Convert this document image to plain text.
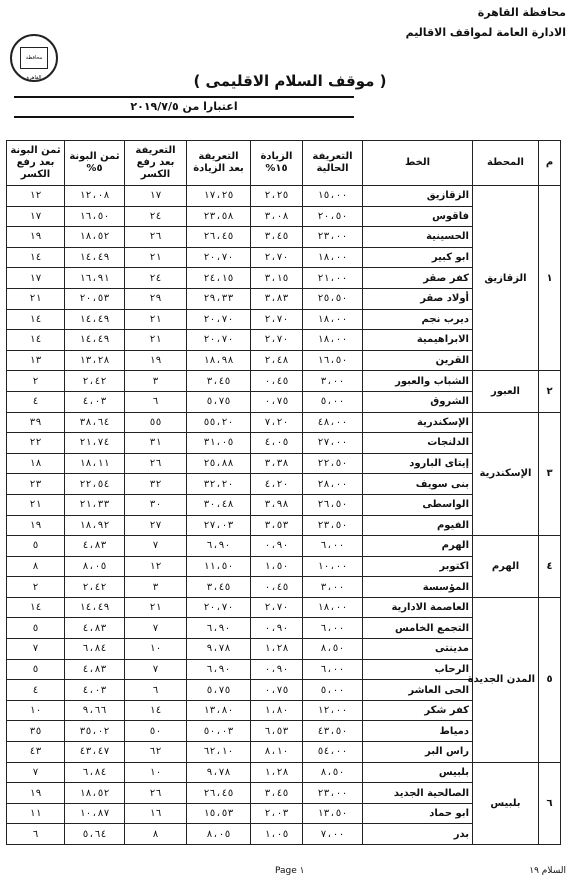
محافظة القاهرة
الادارة العامة لمواقف الاقاليم
محافظة القاهرة	( موقف السلام الاقليمى )
اعتبارا من ٢٠١٩/٧/٥
م	المحطة	الخط	التعريفة الحالية	الزيادة ١٥%	التعريفة بعد الزيادة	التعريفة بعد رفع الكسر	ثمن البونة ٥%	ثمن البونة بعد رفع الكسر
١	الزقازيق	الزقازيق	١٥،٠٠	٢،٢٥	١٧،٢٥	١٧	١٢،٠٨	١٢
		فاقوس	٢٠،٥٠	٣،٠٨	٢٣،٥٨	٢٤	١٦،٥٠	١٧
		الحسينية	٢٣،٠٠	٣،٤٥	٢٦،٤٥	٢٦	١٨،٥٢	١٩
		ابو كبير	١٨،٠٠	٢،٧٠	٢٠،٧٠	٢١	١٤،٤٩	١٤
		كفر صقر	٢١،٠٠	٣،١٥	٢٤،١٥	٢٤	١٦،٩١	١٧
		أولاد صقر	٢٥،٥٠	٣،٨٣	٢٩،٣٣	٢٩	٢٠،٥٣	٢١
		ديرب نجم	١٨،٠٠	٢،٧٠	٢٠،٧٠	٢١	١٤،٤٩	١٤
		الابراهيمية	١٨،٠٠	٢،٧٠	٢٠،٧٠	٢١	١٤،٤٩	١٤
		القرين	١٦،٥٠	٢،٤٨	١٨،٩٨	١٩	١٣،٢٨	١٣
٢	العبور	الشباب والعبور	٣،٠٠	٠،٤٥	٣،٤٥	٣	٢،٤٢	٢
		الشروق	٥،٠٠	٠،٧٥	٥،٧٥	٦	٤،٠٣	٤
٣	الإسكندرية	الإسكندرية	٤٨،٠٠	٧،٢٠	٥٥،٢٠	٥٥	٣٨،٦٤	٣٩
		الدلنجات	٢٧،٠٠	٤،٠٥	٣١،٠٥	٣١	٢١،٧٤	٢٢
		إيتاى البارود	٢٢،٥٠	٣،٣٨	٢٥،٨٨	٢٦	١٨،١١	١٨
		بنى سويف	٢٨،٠٠	٤،٢٠	٣٢،٢٠	٣٢	٢٢،٥٤	٢٣
		الواسطى	٢٦،٥٠	٣،٩٨	٣٠،٤٨	٣٠	٢١،٣٣	٢١
		الفيوم	٢٣،٥٠	٣،٥٣	٢٧،٠٣	٢٧	١٨،٩٢	١٩
٤	الهرم	الهرم	٦،٠٠	٠،٩٠	٦،٩٠	٧	٤،٨٣	٥
		اكتوبر	١٠،٠٠	١،٥٠	١١،٥٠	١٢	٨،٠٥	٨
		المؤسسة	٣،٠٠	٠،٤٥	٣،٤٥	٣	٢،٤٢	٢
٥	المدن الجديدة	العاصمة الادارية	١٨،٠٠	٢،٧٠	٢٠،٧٠	٢١	١٤،٤٩	١٤
		التجمع الخامس	٦،٠٠	٠،٩٠	٦،٩٠	٧	٤،٨٣	٥
		مدينتى	٨،٥٠	١،٢٨	٩،٧٨	١٠	٦،٨٤	٧
		الرحاب	٦،٠٠	٠،٩٠	٦،٩٠	٧	٤،٨٣	٥
		الحى العاشر	٥،٠٠	٠،٧٥	٥،٧٥	٦	٤،٠٣	٤
		كفر شكر	١٢،٠٠	١،٨٠	١٣،٨٠	١٤	٩،٦٦	١٠
		دمياط	٤٣،٥٠	٦،٥٣	٥٠،٠٣	٥٠	٣٥،٠٢	٣٥
		راس البر	٥٤،٠٠	٨،١٠	٦٢،١٠	٦٢	٤٣،٤٧	٤٣
٦	بلبيس	بلبيس	٨،٥٠	١،٢٨	٩،٧٨	١٠	٦،٨٤	٧
		الصالحية الجديد	٢٣،٠٠	٣،٤٥	٢٦،٤٥	٢٦	١٨،٥٢	١٩
		ابو حماد	١٣،٥٠	٢،٠٣	١٥،٥٣	١٦	١٠،٨٧	١١
		بدر	٧،٠٠	١،٠٥	٨،٠٥	٨	٥،٦٤	٦
Page ١	السلام ١٩
